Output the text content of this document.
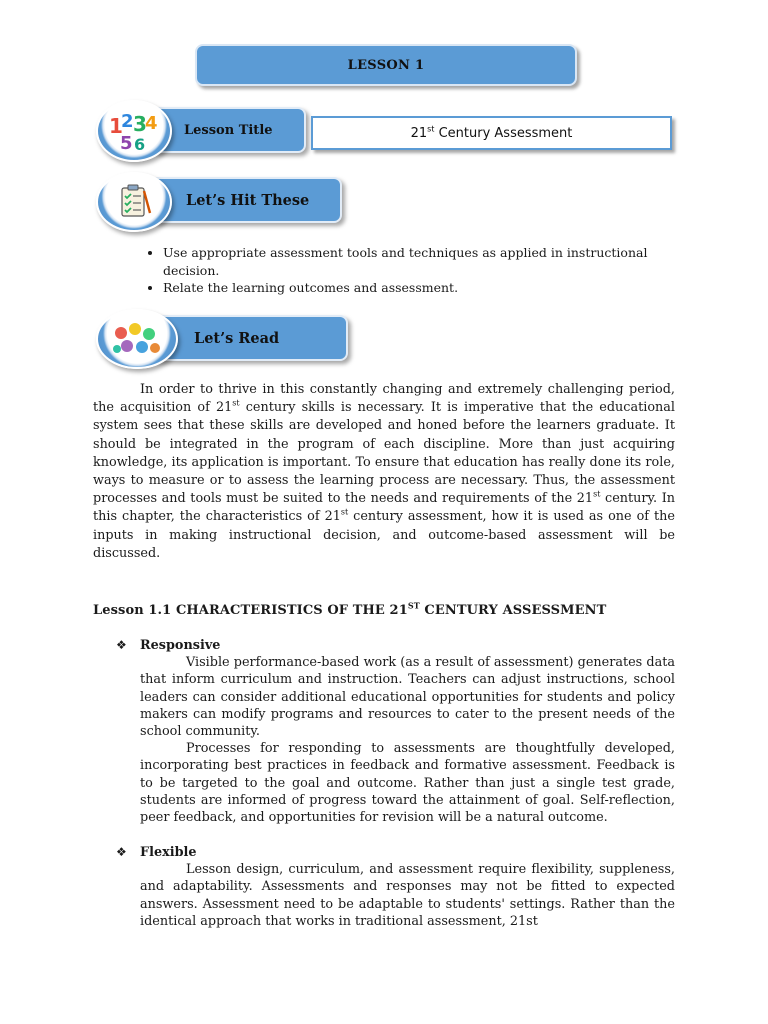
LESSON 1
Lesson Title
1
2 3
4
5 6
21st Century Assessment
Let’s Hit These
• Use appropriate assessment tools and techniques as applied in instructional decision.
• Relate the learning outcomes and assessment.
Let’s Read

In order to thrive in this constantly changing and extremely challenging period, the acquisition of 21st century skills is necessary. It is imperative that the educational system sees that these skills are developed and honed before the learners graduate. It should be integrated in the program of each discipline. More than just acquiring knowledge, its application is important. To ensure that education has really done its role, ways to measure or to assess the learning process are necessary. Thus, the assessment processes and tools must be suited to the needs and requirements of the 21st century. In this chapter, the characteristics of 21st century assessment, how it is used as one of the inputs in making instructional decision, and outcome-based assessment will be discussed.

Lesson 1.1 CHARACTERISTICS OF THE 21ST CENTURY ASSESSMENT

❖ Responsive

Visible performance-based work (as a result of assessment) generates data that inform curriculum and instruction. Teachers can adjust instructions, school leaders can consider additional educational opportunities for students and policy makers can modify programs and resources to cater to the present needs of the school community.

Processes for responding to assessments are thoughtfully developed, incorporating best practices in feedback and formative assessment. Feedback is to be targeted to the goal and outcome. Rather than just a single test grade, students are informed of progress toward the attainment of goal. Self-reflection, peer feedback, and opportunities for revision will be a natural outcome.

❖ Flexible

Lesson design, curriculum, and assessment require flexibility, suppleness, and adaptability. Assessments and responses may not be fitted to expected answers. Assessment need to be adaptable to students' settings. Rather than the identical approach that works in traditional assessment, 21st
